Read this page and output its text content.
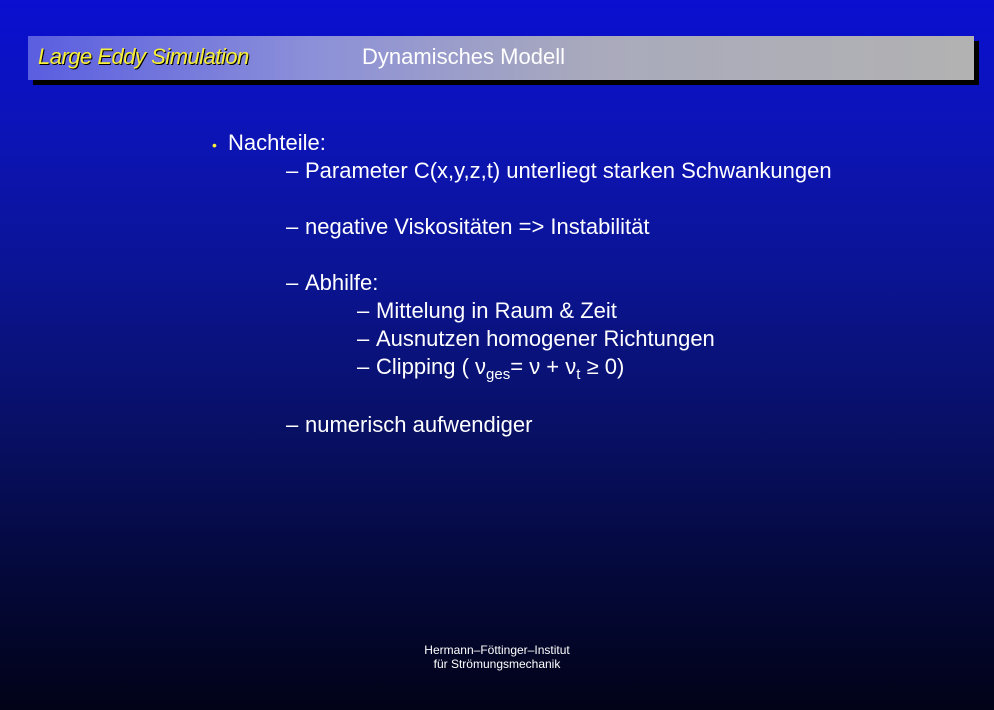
Large Eddy Simulation	Dynamisches Modell
• Nachteile:
– Parameter C(x,y,z,t) unterliegt starken Schwankungen
– negative Viskositäten => Instabilität
– Abhilfe:
– Mittelung in Raum & Zeit
– Ausnutzen homogener Richtungen
– Clipping ( $\nu_{ges}= \nu + \nu_t \ge 0$)
– numerisch aufwendiger
Hermann–Föttinger–Institut
für Strömungsmechanik
